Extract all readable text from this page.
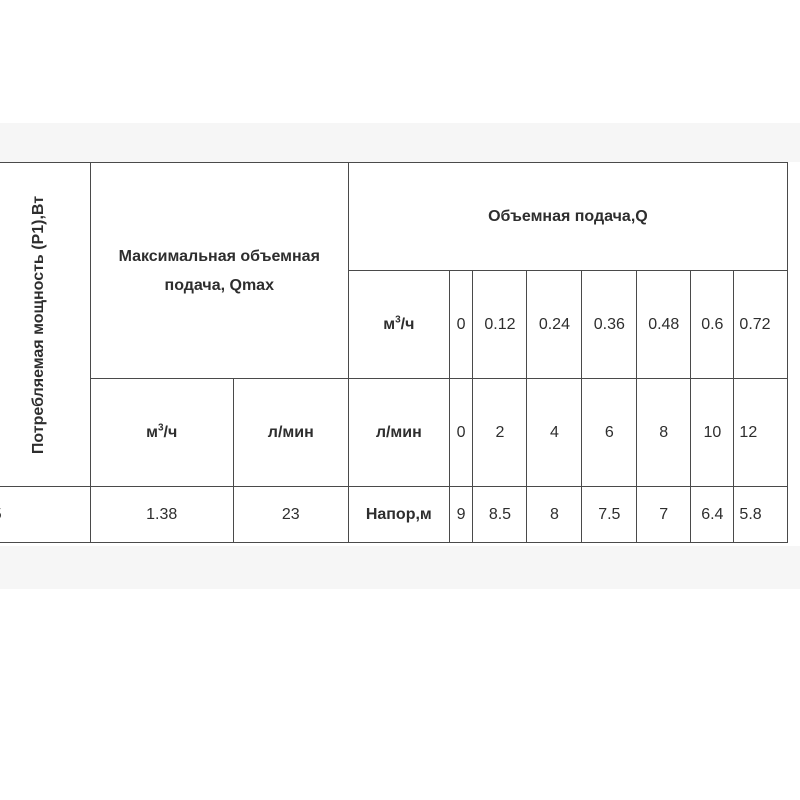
Потребляемая мощность (P1),Вт	Максимальная объемная подача, Qmax		Объемная подача,Q							
			$м^3/ч$	0	0.12	0.24	0.36	0.48	0.6	0.72
	$м^3/ч$	л/мин	л/мин	0	2	4	6	8	10	12
	1.38	23	Напор,м	9	8.5	8	7.5	7	6.4	5.8
